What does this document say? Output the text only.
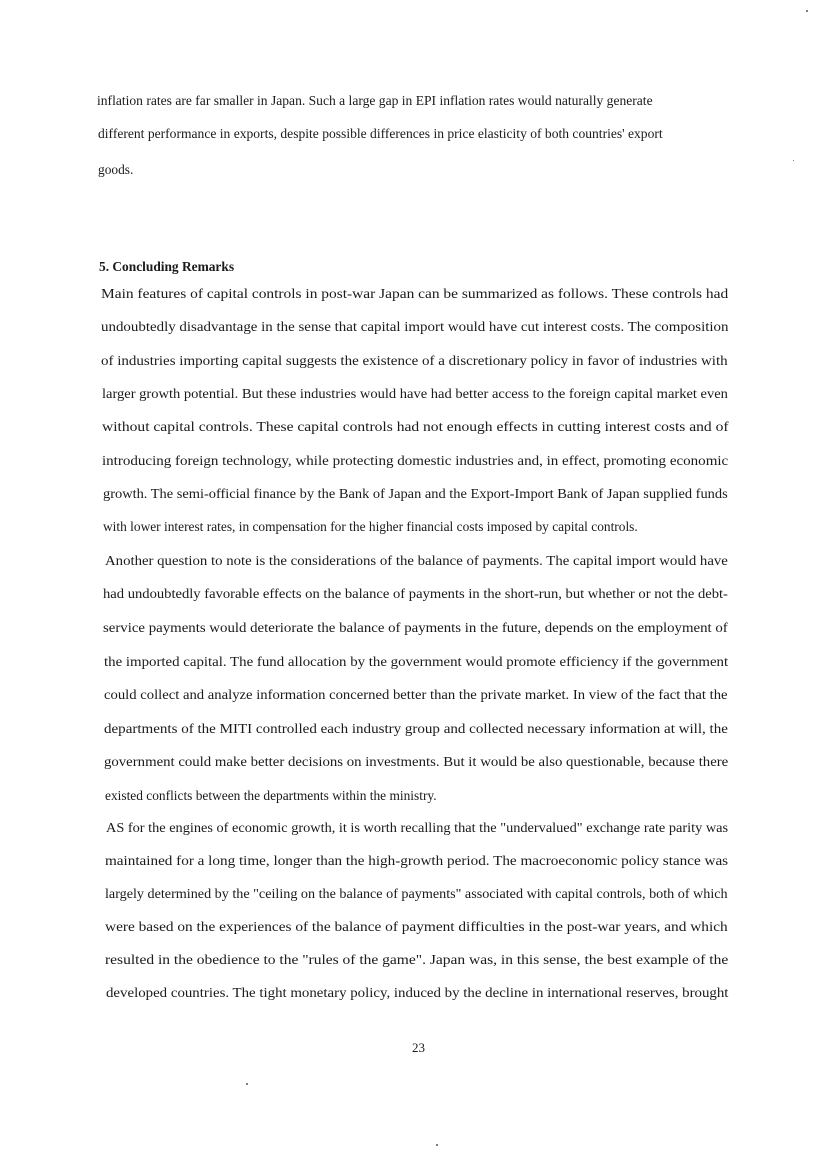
inflation rates are far smaller in Japan. Such a large gap in EPI inflation rates would naturally generate
different performance in exports, despite possible differences in price elasticity of both countries' export
goods.
5. Concluding Remarks
Main features of capital controls in post-war Japan can be summarized as follows. These controls had
undoubtedly disadvantage in the sense that capital import would have cut interest costs. The composition
of industries importing capital suggests the existence of a discretionary policy in favor of industries with
larger growth potential. But these industries would have had better access to the foreign capital market even
without capital controls. These capital controls had not enough effects in cutting interest costs and of
introducing foreign technology, while protecting domestic industries and, in effect, promoting economic
growth. The semi-official finance by the Bank of Japan and the Export-Import Bank of Japan supplied funds
with lower interest rates, in compensation for the higher financial costs imposed by capital controls.
Another question to note is the considerations of the balance of payments. The capital import would have
had undoubtedly favorable effects on the balance of payments in the short-run, but whether or not the debt-
service payments would deteriorate the balance of payments in the future, depends on the employment of
the imported capital. The fund allocation by the government would promote efficiency if the government
could collect and analyze information concerned better than the private market. In view of the fact that the
departments of the MITI controlled each industry group and collected necessary information at will, the
government could make better decisions on investments. But it would be also questionable, because there
existed conflicts between the departments within the ministry.
AS for the engines of economic growth, it is worth recalling that the "undervalued" exchange rate parity was
maintained for a long time, longer than the high-growth period. The macroeconomic policy stance was
largely determined by the "ceiling on the balance of payments" associated with capital controls, both of which
were based on the experiences of the balance of payment difficulties in the post-war years, and which
resulted in the obedience to the "rules of the game". Japan was, in this sense, the best example of the
developed countries. The tight monetary policy, induced by the decline in international reserves, brought
23
